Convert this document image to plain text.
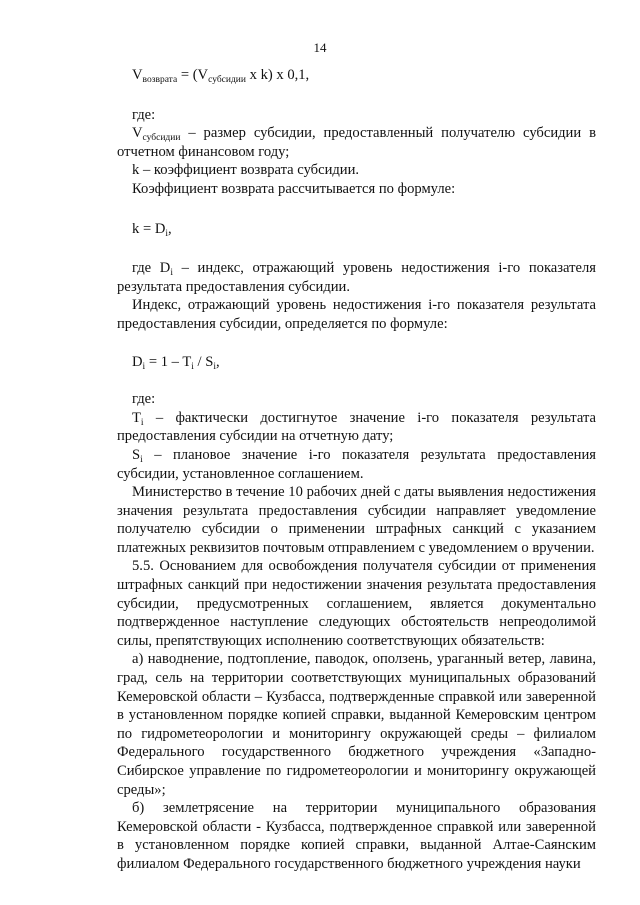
14

$V_{возврата} = (V_{субсидии}$ x k) x 0,1,

где:

$V_{субсидии}$ – размер субсидии, предоставленный получателю субсидии в отчетном финансовом году;

k – коэффициент возврата субсидии.

Коэффициент возврата рассчитывается по формуле:

$k = D_i$,

где $D_i$ – индекс, отражающий уровень недостижения i-го показателя результата предоставления субсидии.

Индекс, отражающий уровень недостижения i-го показателя результата предоставления субсидии, определяется по формуле:

$D_i = 1 - T_i / S_i$,

где:

$T_i$ – фактически достигнутое значение i-го показателя результата предоставления субсидии на отчетную дату;

$S_i$ – плановое значение i-го показателя результата предоставления субсидии, установленное соглашением.

Министерство в течение 10 рабочих дней с даты выявления недостижения значения результата предоставления субсидии направляет уведомление получателю субсидии о применении штрафных санкций с указанием платежных реквизитов почтовым отправлением с уведомлением о вручении.

5.5. Основанием для освобождения получателя субсидии от применения штрафных санкций при недостижении значения результата предоставления субсидии, предусмотренных соглашением, является документально подтвержденное наступление следующих обстоятельств непреодолимой силы, препятствующих исполнению соответствующих обязательств:

а) наводнение, подтопление, паводок, оползень, ураганный ветер, лавина, град, сель на территории соответствующих муниципальных образований Кемеровской области – Кузбасса, подтвержденные справкой или заверенной в установленном порядке копией справки, выданной Кемеровским центром по гидрометеорологии и мониторингу окружающей среды – филиалом Федерального государственного бюджетного учреждения «Западно-Сибирское управление по гидрометеорологии и мониторингу окружающей среды»;

б) землетрясение на территории муниципального образования Кемеровской области - Кузбасса, подтвержденное справкой или заверенной в установленном порядке копией справки, выданной Алтае-Саянским филиалом Федерального государственного бюджетного учреждения науки
